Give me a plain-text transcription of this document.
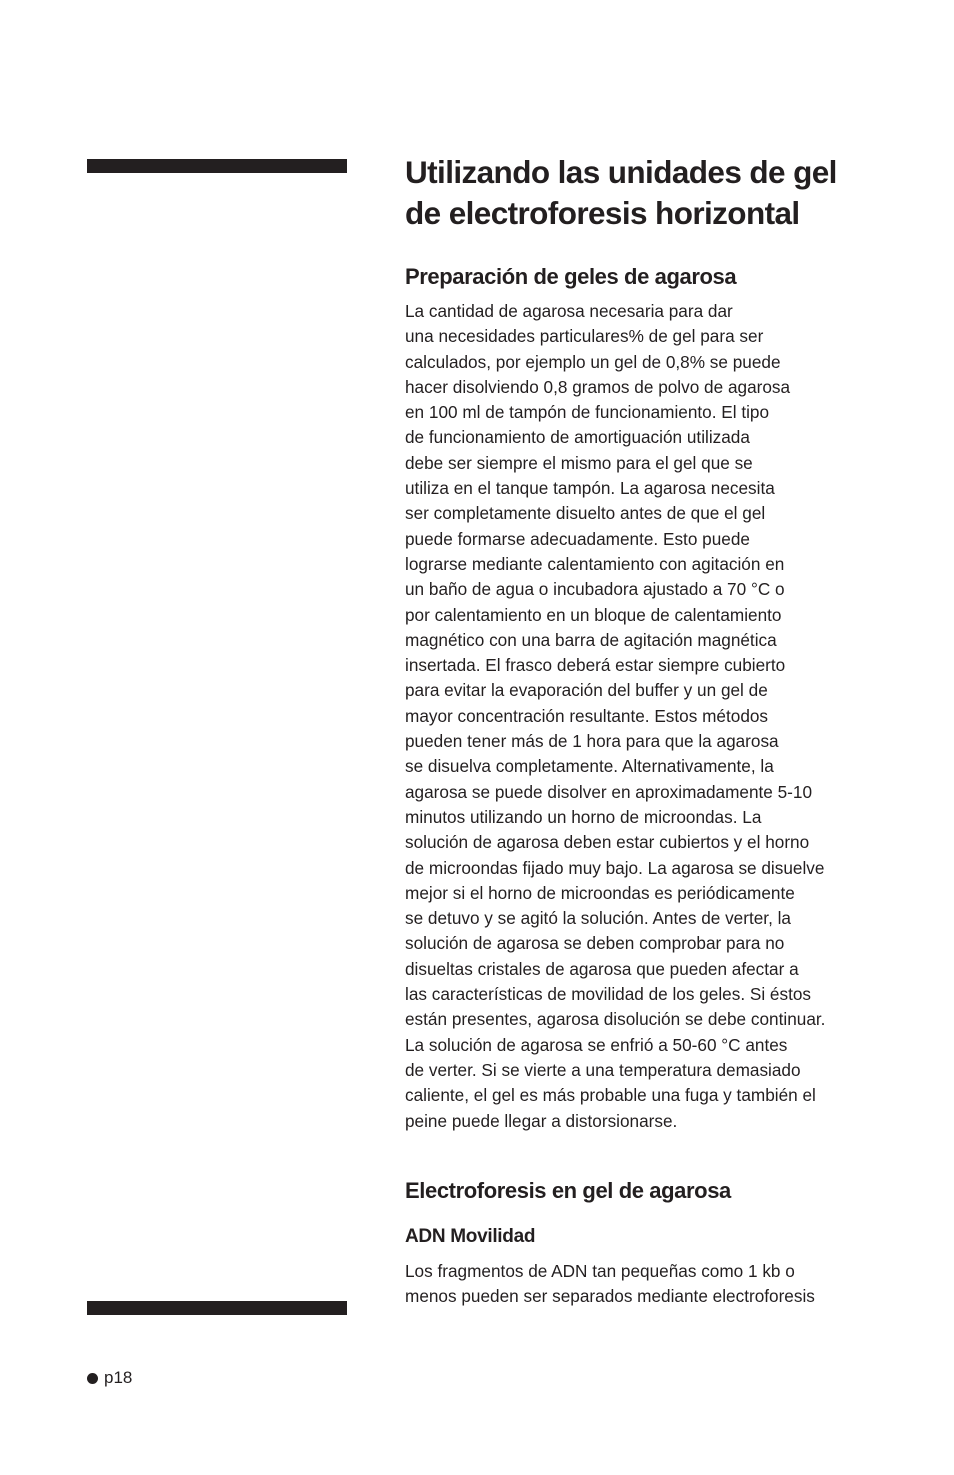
Utilizando las unidades de gel
de electroforesis horizontal
Preparación de geles de agarosa
La cantidad de agarosa necesaria para dar
una necesidades particulares% de gel para ser
calculados, por ejemplo un gel de 0,8% se puede
hacer disolviendo 0,8 gramos de polvo de agarosa
en 100 ml de tampón de funcionamiento. El tipo
de funcionamiento de amortiguación utilizada
debe ser siempre el mismo para el gel que se
utiliza en el tanque tampón. La agarosa necesita
ser completamente disuelto antes de que el gel
puede formarse adecuadamente. Esto puede
lograrse mediante calentamiento con agitación en
un baño de agua o incubadora ajustado a 70 °C o
por calentamiento en un bloque de calentamiento
magnético con una barra de agitación magnética
insertada. El frasco deberá estar siempre cubierto
para evitar la evaporación del buffer y un gel de
mayor concentración resultante. Estos métodos
pueden tener más de 1 hora para que la agarosa
se disuelva completamente. Alternativamente, la
agarosa se puede disolver en aproximadamente 5-10
minutos utilizando un horno de microondas. La
solución de agarosa deben estar cubiertos y el horno
de microondas fijado muy bajo. La agarosa se disuelve
mejor si el horno de microondas es periódicamente
se detuvo y se agitó la solución. Antes de verter, la
solución de agarosa se deben comprobar para no
disueltas cristales de agarosa que pueden afectar a
las características de movilidad de los geles. Si éstos
están presentes, agarosa disolución se debe continuar.
La solución de agarosa se enfrió a 50-60 °C antes
de verter. Si se vierte a una temperatura demasiado
caliente, el gel es más probable una fuga y también el
peine puede llegar a distorsionarse.
Electroforesis en gel de agarosa
ADN Movilidad
Los fragmentos de ADN tan pequeñas como 1 kb o
menos pueden ser separados mediante electroforesis
p18
